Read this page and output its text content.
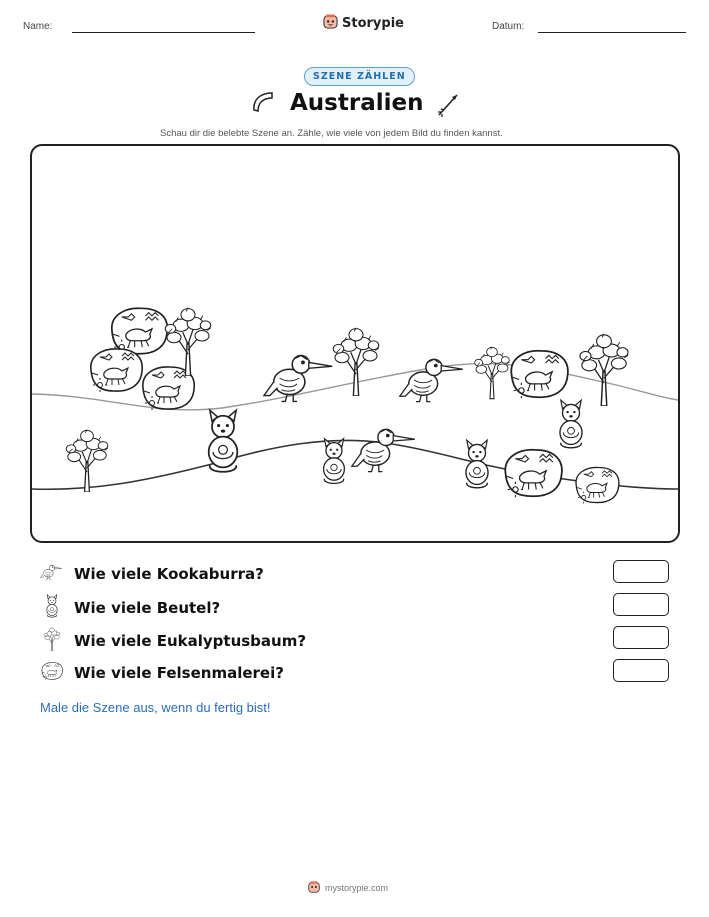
Name:	Storypie	Datum:
SZENE ZÄHLEN
Australien
Schau dir die belebte Szene an. Zähle, wie viele von jedem Bild du finden kannst.
Wie viele Kookaburra?
Wie viele Beutel?
Wie viele Eukalyptusbaum?
Wie viele Felsenmalerei?
Male die Szene aus, wenn du fertig bist!
mystorypie.com
